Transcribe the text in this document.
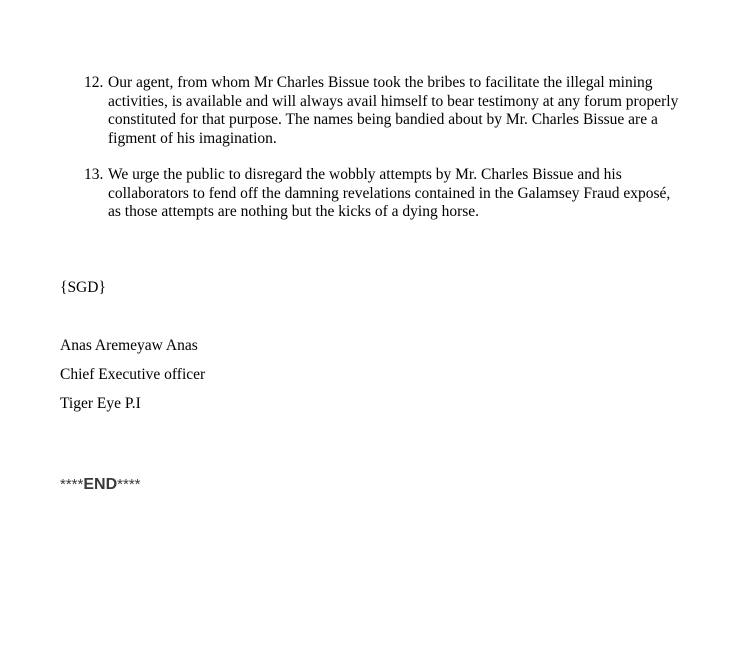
12. Our agent, from whom Mr Charles Bissue took the bribes to facilitate the illegal mining activities, is available and will always avail himself to bear testimony at any forum properly constituted for that purpose. The names being bandied about by Mr. Charles Bissue are a figment of his imagination.
13. We urge the public to disregard the wobbly attempts by Mr. Charles Bissue and his collaborators to fend off the damning revelations contained in the Galamsey Fraud exposé, as those attempts are nothing but the kicks of a dying horse.
{SGD}
Anas Aremeyaw Anas
Chief Executive officer
Tiger Eye P.I
****END****
